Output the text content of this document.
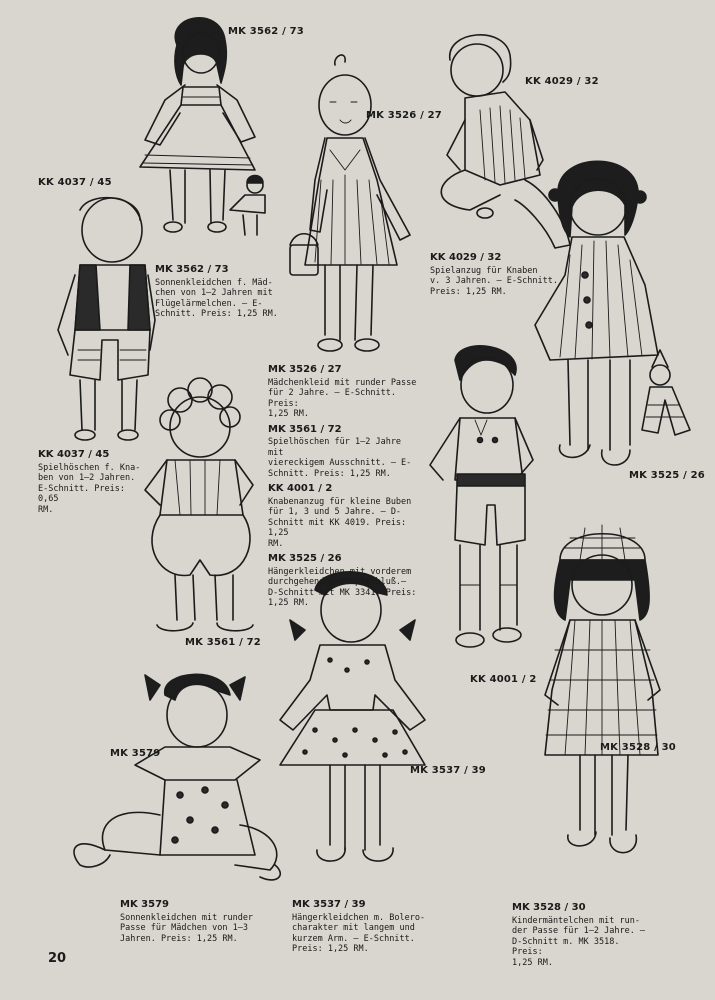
MK 3562 / 73
MK 3526 / 27
KK 4029 / 32
KK 4037 / 45
MK 3525 / 26
MK 3561 / 72
KK 4001 / 2
MK 3528 / 30
MK 3537 / 39
MK 3579
MK 3562 / 73
Sonnenkleidchen f. Mäd-
chen von 1—2 Jahren mit
Flügelärmelchen. — E-
Schnitt. Preis: 1,25 RM.
KK 4029 / 32
Spielanzug für Knaben
v. 3 Jahren. — E-Schnitt.
Preis: 1,25 RM.
KK 4037 / 45
Spielhöschen f. Kna-
ben von 1—2 Jahren.
E-Schnitt. Preis: 0,65
RM.
MK 3526 / 27
Mädchenkleid mit runder Passe
für 2 Jahre. — E-Schnitt. Preis:
1,25 RM.
MK 3561 / 72
Spielhöschen für 1—2 Jahre mit
viereckigem Ausschnitt. — E-
Schnitt. Preis: 1,25 RM.
KK 4001 / 2
Knabenanzug für kleine Buben
für 1, 3 und 5 Jahre. — D-
Schnitt mit KK 4019. Preis: 1,25
RM.
MK 3525 / 26
Hängerkleidchen mit vorderem
durchgehendem Knopfschluß.—
D-Schnitt mit MK 3341. Preis:
1,25 RM.
MK 3579
Sonnenkleidchen mit runder
Passe für Mädchen von 1—3
Jahren. Preis: 1,25 RM.
MK 3537 / 39
Hängerkleidchen m. Bolero-
charakter mit langem und
kurzem Arm. — E-Schnitt.
Preis: 1,25 RM.
MK 3528 / 30
Kindermäntelchen mit run-
der Passe für 1—2 Jahre. —
D-Schnitt m. MK 3518. Preis:
1,25 RM.
20
